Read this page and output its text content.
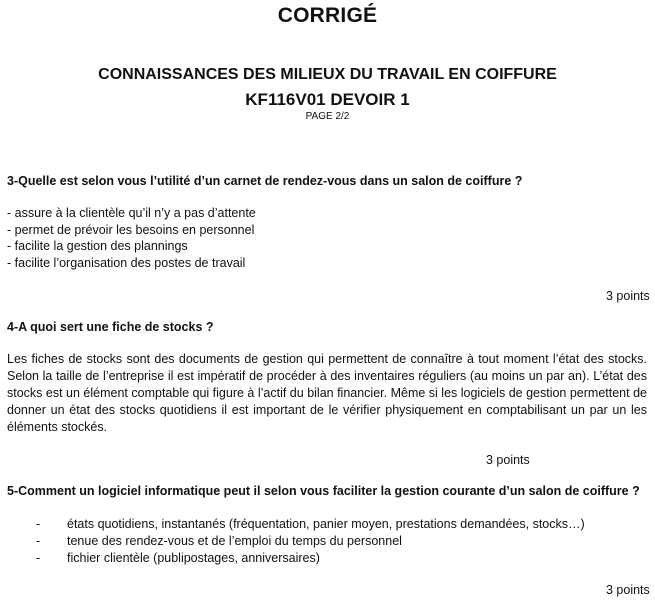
CORRIGÉ
CONNAISSANCES DES MILIEUX DU TRAVAIL EN COIFFURE
KF116V01 DEVOIR 1
PAGE 2/2
3-Quelle est selon vous l’utilité d’un carnet de rendez-vous dans un salon de coiffure ?
- assure à la clientèle qu’il n’y a pas d’attente
- permet de prévoir les besoins en personnel
- facilite la gestion des plannings
- facilite l’organisation des postes de travail
3 points
4-A quoi sert une fiche de stocks ?

Les fiches de stocks sont des documents de gestion qui permettent de connaître à tout moment l’état des stocks. Selon la taille de l’entreprise il est impératif de procéder à des inventaires réguliers (au moins un par an). L’état des stocks est un élément comptable qui figure à l’actif du bilan financier. Même si les logiciels de gestion permettent de donner un état des stocks quotidiens il est important de le vérifier physiquement en comptabilisant un par un les éléments stockés.

3 points
5-Comment un logiciel informatique peut il selon vous faciliter la gestion courante d’un salon de coiffure ?
- états quotidiens, instantanés (fréquentation, panier moyen, prestations demandées, stocks…)
- tenue des rendez-vous et de l’emploi du temps du personnel
- fichier clientèle (publipostages, anniversaires)
3 points
